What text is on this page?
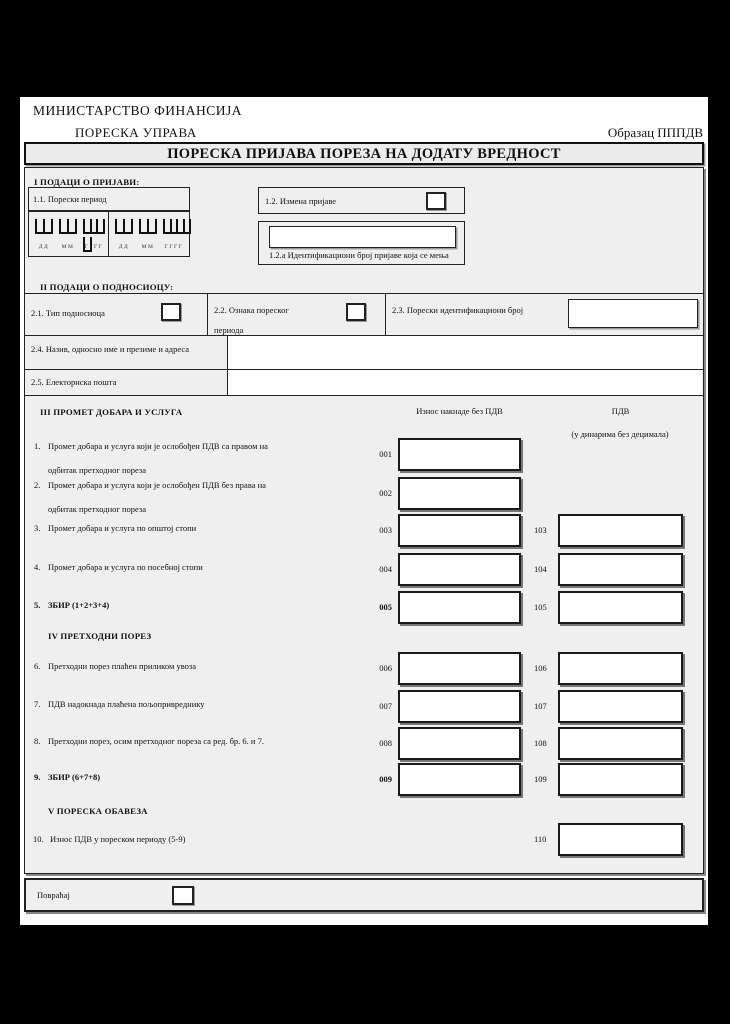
МИНИСТАРСТВО ФИНАНСИЈА
ПОРЕСКА УПРАВА	Образац ПППДВ
ПОРЕСКА ПРИЈАВА ПОРЕЗА НА ДОДАТУ ВРЕДНОСТ
I ПОДАЦИ О ПРИЈАВИ:
1.1. Порески период
ДД	ММ	ГГГГ	ДД	ММ	ГГГГ
1.2. Измена пријаве
1.2.а Идентификациони број пријаве која се мења
II ПОДАЦИ О ПОДНОСИОЦУ:
2.1. Тип подносиоца	2.2. Ознака пореског периода
2.3. Порески идентификациони број
2.4. Назив, односно име и презиме и адреса
2.5. Електорнска пошта
III ПРОМЕТ ДОБАРА И УСЛУГА	Износ накнаде без ПДВ	ПДВ
(у динарима без децимала)
1. Промет добара и услуга који је ослобођен ПДВ са правом на
одбитак претходног пореза
001
2. Промет добара и услуга који је ослобођен ПДВ без права на
одбитак претходног пореза
002
3. Промет добара и услуга по општој стопи	003	103
4. Промет добара и услуга по посебној стопи	004	104
5. ЗБИР (1+2+3+4)	005	105
IV ПРЕТХОДНИ ПОРЕЗ
6. Претходни порез плаћен приликом увоза	006	106
7. ПДВ надокнада плаћена пољопривреднику	007	107
8. Претходни порез, осим претходног пореза са ред. бр. 6. и 7.	008	108
9. ЗБИР (6+7+8)	009	109
V ПОРЕСКА ОБАВЕЗА
10. Износ ПДВ у пореском периоду (5-9)	110
Повраћај
